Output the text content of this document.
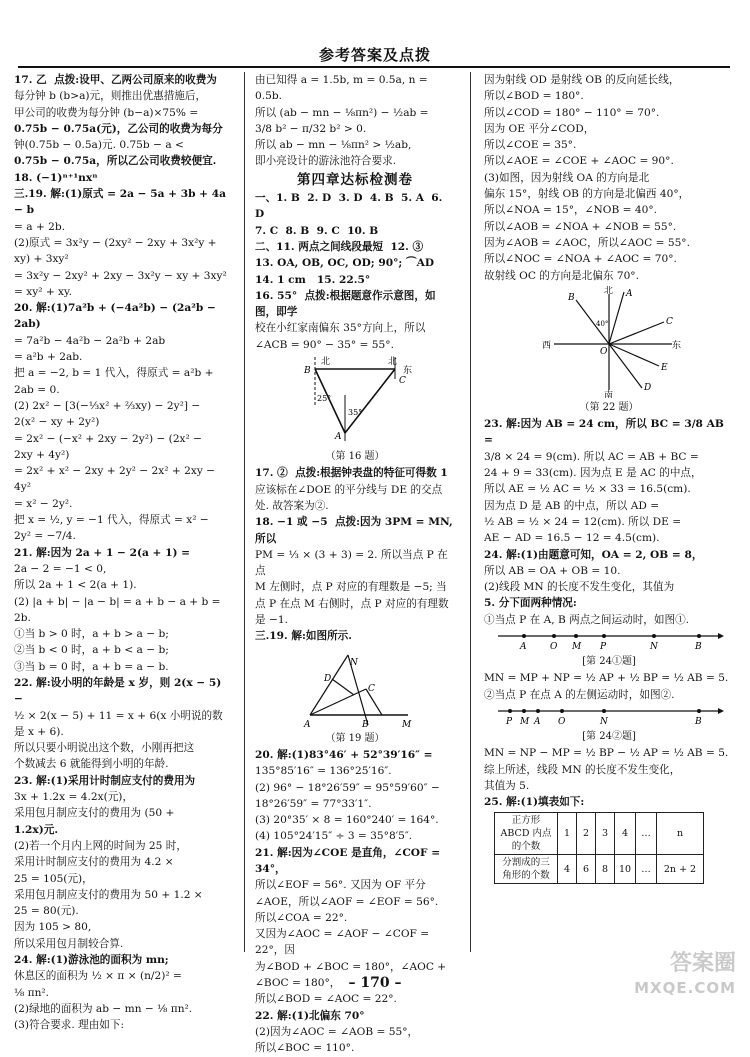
参考答案及点拨

17. 乙  点拨:设甲、乙两公司原来的收费为

每分钟 b (b>a)元，则推出优惠措施后，

甲公司的收费为每分钟 (b−a)×75% =

0.75b − 0.75a(元)，乙公司的收费为每分

钟(0.75b − 0.5a)元. 0.75b − a <

0.75b − 0.75a，所以乙公司收费较便宜.

18. (−1)ⁿ⁺¹nxⁿ

三.19. 解:(1)原式 = 2a − 5a + 3b + 4a − b

= a + 2b.

(2)原式 = 3x²y − (2xy² − 2xy + 3x²y +

xy) + 3xy²

= 3x²y − 2xy² + 2xy − 3x²y − xy + 3xy²

= xy² + xy.

20. 解:(1)7a²b + (−4a²b) − (2a²b − 2ab)

= 7a²b − 4a²b − 2a²b + 2ab

= a²b + 2ab.

把 a = −2, b = 1 代入，得原式 = a²b +

2ab = 0.

(2) 2x² − [3(−⅓x² + ⅔xy) − 2y²] −

2(x² − xy + 2y²)

= 2x² − (−x² + 2xy − 2y²) − (2x² −

2xy + 4y²)

= 2x² + x² − 2xy + 2y² − 2x² + 2xy − 4y²

= x² − 2y².

把 x = ½, y = −1 代入，得原式 = x² −

2y² = −7/4.

21. 解:因为 2a + 1 − 2(a + 1) =

2a − 2 = −1 < 0,

所以 2a + 1 < 2(a + 1).

(2) |a + b| − |a − b| = a + b − a + b = 2b.

①当 b > 0 时，a + b > a − b;

②当 b < 0 时，a + b < a − b;

③当 b = 0 时，a + b = a − b.

22. 解:设小明的年龄是 x 岁，则 2(x − 5) −

½ × 2(x − 5) + 11 = x + 6(x 小明说的数

是 x + 6).

所以只要小明说出这个数，小刚再把这

个数减去 6 就能得到小明的年龄.

23. 解:(1)采用计时制应支付的费用为

3x + 1.2x = 4.2x(元)，

采用包月制应支付的费用为 (50 +

1.2x)元.

(2)若一个月内上网的时间为 25 时，

采用计时制应支付的费用为 4.2 ×

25 = 105(元)，

采用包月制应支付的费用为 50 + 1.2 ×

25 = 80(元).

因为 105 > 80,

所以采用包月制较合算.

24. 解:(1)游泳池的面积为 mn;

休息区的面积为 ½ × π × (n/2)² =

⅛ πn².

(2)绿地的面积为 ab − mn − ⅛ πn².

(3)符合要求. 理由如下:

由已知得 a = 1.5b, m = 0.5a, n = 0.5b.

所以 (ab − mn − ⅛πn²) − ½ab =

3/8 b² − π/32 b² > 0.

所以 ab − mn − ⅛πn² > ½ab,

即小亮设计的游泳池符合要求.

第四章达标检测卷

一、1. B  2. D  3. D  4. B  5. A  6. D

7. C  8. B  9. C  10. B

二、11. 两点之间线段最短  12. ③

13. OA, OB, OC, OD; 90°; ⌒AD

14. 1 cm   15. 22.5°

16. 55°  点拨:根据题意作示意图，如图，即学

校在小红家南偏东 35°方向上，所以

∠ACB = 90° − 35° = 55°.

北	北
东
B
C
A
25°
35°

（第 16 题）

17. ②  点拨:根据钟表盘的特征可得数 1

应该标在∠DOE 的平分线与 DE 的交点

处. 故答案为②.

18. −1 或 −5  点拨:因为 3PM = MN, 所以

PM = ⅓ × (3 + 3) = 2. 所以当点 P 在点

M 左侧时，点 P 对应的有理数是 −5; 当

点 P 在点 M 右侧时，点 P 对应的有理数

是 −1.

三.19. 解:如图所示.

N
A	B	M
C
D

（第 19 题）

20. 解:(1)83°46′ + 52°39′16″ =

135°85′16″ = 136°25′16″.

(2) 96° − 18°26′59″ = 95°59′60″ −

18°26′59″ = 77°33′1″.

(3) 20°35′ × 8 = 160°240′ = 164°.

(4) 105°24′15″ ÷ 3 = 35°8′5″.

21. 解:因为∠COE 是直角，∠COF = 34°，

所以∠EOF = 56°. 又因为 OF 平分

∠AOE，所以∠AOF = ∠EOF = 56°.

所以∠COA = 22°.

又因为∠AOC = ∠AOF − ∠COF = 22°，因

为∠BOD + ∠BOC = 180°，∠AOC +

∠BOC = 180°，

所以∠BOD = ∠AOC = 22°.

22. 解:(1)北偏东 70°

(2)因为∠AOC = ∠AOB = 55°，

所以∠BOC = 110°.

因为射线 OD 是射线 OB 的反向延长线，

所以∠BOD = 180°.

所以∠COD = 180° − 110° = 70°.

因为 OE 平分∠COD，

所以∠COE = 35°.

所以∠AOE = ∠COE + ∠AOC = 90°.

(3)如图，因为射线 OA 的方向是北

偏东 15°，射线 OB 的方向是北偏西 40°，

所以∠NOA = 15°，∠NOB = 40°.

所以∠AOB = ∠NOA + ∠NOB = 55°.

因为∠AOB = ∠AOC，所以∠AOC = 55°.

所以∠NOC = ∠NOA + ∠AOC = 70°.

故射线 OC 的方向是北偏东 70°.

北
南
东
西
A
B
C
D
E
O
40°

（第 22 题）

23. 解:因为 AB = 24 cm，所以 BC = 3/8 AB =

3/8 × 24 = 9(cm). 所以 AC = AB + BC =

24 + 9 = 33(cm). 因为点 E 是 AC 的中点，

所以 AE = ½ AC = ½ × 33 = 16.5(cm).

因为点 D 是 AB 的中点，所以 AD =

½ AB = ½ × 24 = 12(cm). 所以 DE =

AE − AD = 16.5 − 12 = 4.5(cm).

24. 解:(1)由题意可知，OA = 2, OB = 8，

所以 AB = OA + OB = 10.

(2)线段 MN 的长度不发生变化，其值为

5. 分下面两种情况:

①当点 P 在 A, B 两点之间运动时，如图①.

A	O M P	N	B

[第 24①题]

MN = MP + NP = ½ AP + ½ BP = ½ AB = 5.

②当点 P 在点 A 的左侧运动时，如图②.

P M A O	N	B

[第 24②题]

MN = NP − MP = ½ BP − ½ AP = ½ AB = 5.

综上所述，线段 MN 的长度不发生变化，

其值为 5.

25. 解:(1)填表如下:

正方形 ABCD 内点的个数	1	2	3	4	…	n
分割成的三角形的个数	4	6	8	10	…	2n + 2
– 170 –
答案圈
MXQE.COM
